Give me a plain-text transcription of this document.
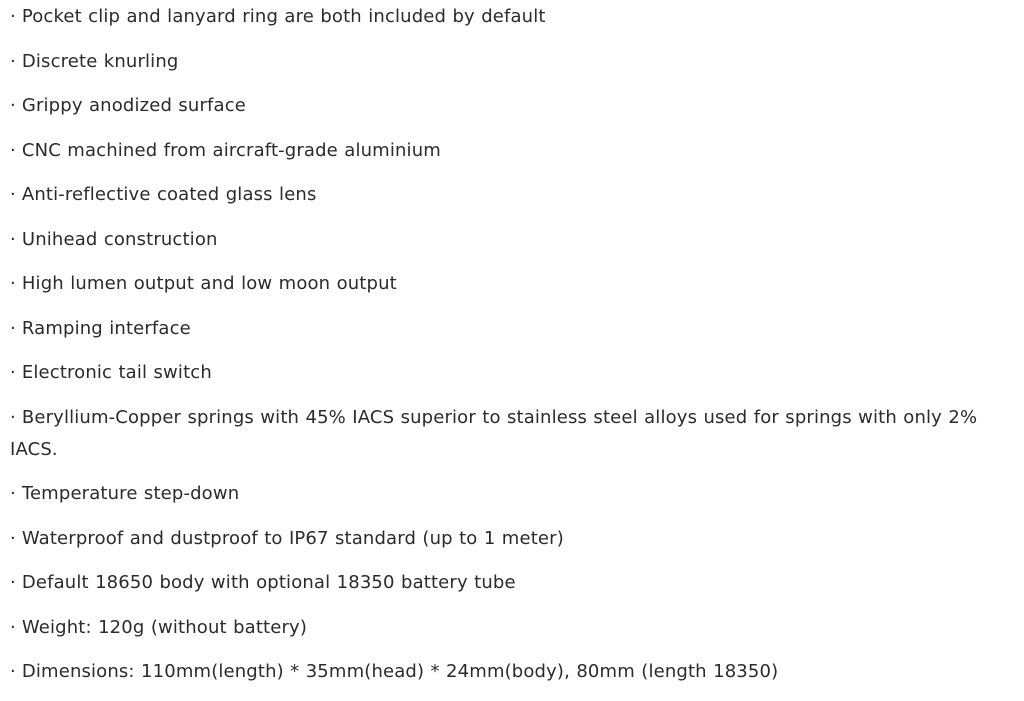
· Pocket clip and lanyard ring are both included by default
· Discrete knurling
· Grippy anodized surface
· CNC machined from aircraft-grade aluminium
· Anti-reflective coated glass lens
· Unihead construction
· High lumen output and low moon output
· Ramping interface
· Electronic tail switch
· Beryllium-Copper springs with 45% IACS superior to stainless steel alloys used for springs with only 2% IACS.
· Temperature step-down
· Waterproof and dustproof to IP67 standard (up to 1 meter)
· Default 18650 body with optional 18350 battery tube
· Weight: 120g (without battery)
· Dimensions: 110mm(length) * 35mm(head) * 24mm(body), 80mm (length 18350)
